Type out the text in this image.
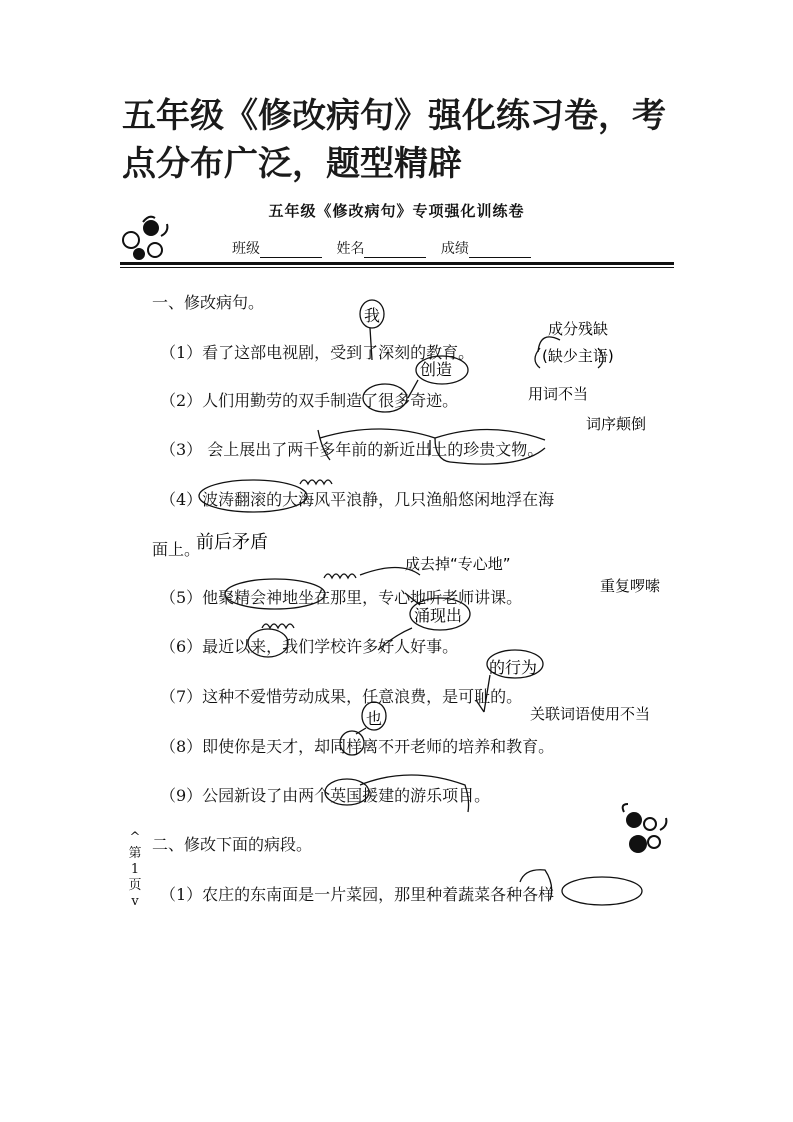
五年级《修改病句》强化练习卷，考点分布广泛，题型精辟
五年级《修改病句》专项强化训练卷
班级	姓名	成绩
一、修改病句。
（1）看了这部电视剧，受到了深刻的教育。
（2）人们用勤劳的双手制造了很多奇迹。
（3） 会上展出了两千多年前的新近出土的珍贵文物。
（4）波涛翻滚的大海风平浪静，几只渔船悠闲地浮在海
面上。
（5）他聚精会神地坐在那里，专心地听老师讲课。
（6）最近以来，我们学校许多好人好事。
（7）这种不爱惜劳动成果，任意浪费，是可耻的。
（8）即使你是天才，却同样离不开老师的培养和教育。
（9）公园新设了由两个英国援建的游乐项目。
二、修改下面的病段。
（1）农庄的东南面是一片菜园，那里种着蔬菜各种各样
^
第
1
页
v
我
成分残缺
(缺少主语)
创造
用词不当
词序颠倒
前后矛盾
成去掉“专心地”
重复啰嗦
涌现出
的行为
关联词语使用不当
也
